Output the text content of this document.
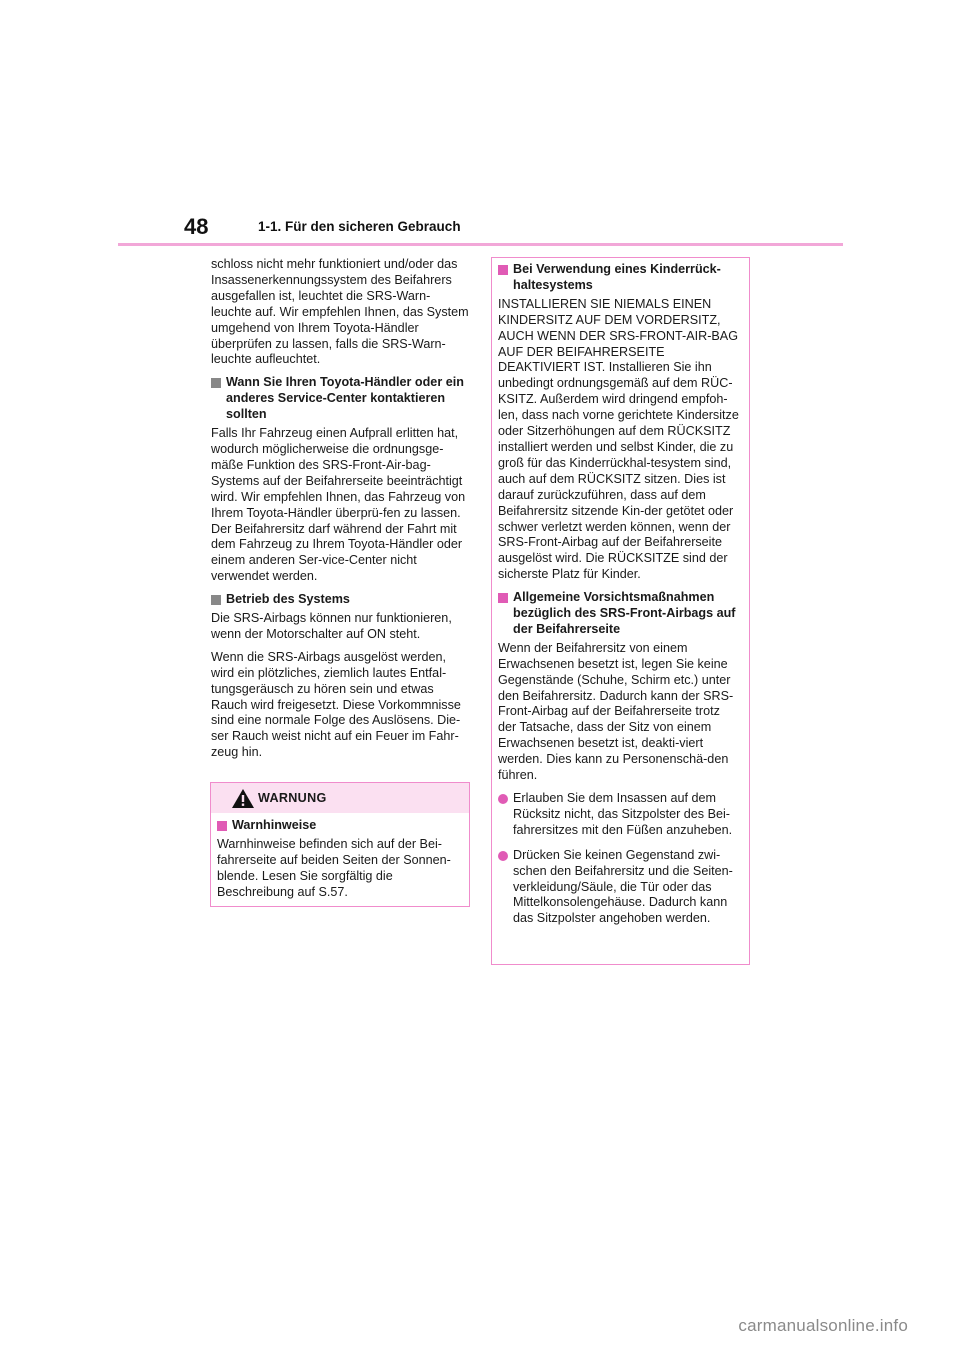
48	1-1. Für den sicheren Gebrauch

schloss nicht mehr funktioniert und/oder das Insassenerkennungssystem des Beifahrers ausgefallen ist, leuchtet die SRS-Warn-leuchte auf. Wir empfehlen Ihnen, das System umgehend von Ihrem Toyota-Händler überprüfen zu lassen, falls die SRS-Warn-leuchte aufleuchtet.

Wann Sie Ihren Toyota-Händler oder ein anderes Service-Center kontaktieren sollten

Falls Ihr Fahrzeug einen Aufprall erlitten hat, wodurch möglicherweise die ordnungsge-mäße Funktion des SRS-Front-Air-bag-Systems auf der Beifahrerseite beeinträchtigt wird. Wir empfehlen Ihnen, das Fahrzeug von Ihrem Toyota-Händler überprü-fen zu lassen. Der Beifahrersitz darf während der Fahrt mit dem Fahrzeug zu Ihrem Toyota-Händler oder einem anderen Ser-vice-Center nicht verwendet werden.

Betrieb des Systems

Die SRS-Airbags können nur funktionieren, wenn der Motorschalter auf ON steht.

Wenn die SRS-Airbags ausgelöst werden, wird ein plötzliches, ziemlich lautes Entfal-tungsgeräusch zu hören sein und etwas Rauch wird freigesetzt. Diese Vorkommnisse sind eine normale Folge des Auslösens. Die-ser Rauch weist nicht auf ein Feuer im Fahr-zeug hin.

WARNUNG
Warnhinweise

Warnhinweise befinden sich auf der Bei-fahrerseite auf beiden Seiten der Sonnen-blende. Lesen Sie sorgfältig die Beschreibung auf S.57.

Bei Verwendung eines Kinderrück-haltesystems

INSTALLIEREN SIE NIEMALS EINEN KINDERSITZ AUF DEM VORDERSITZ, AUCH WENN DER SRS-FRONT-AIR-BAG AUF DER BEIFAHRERSEITE DEAKTIVIERT IST. Installieren Sie ihn unbedingt ordnungsgemäß auf dem RÜC-KSITZ. Außerdem wird dringend empfoh-len, dass nach vorne gerichtete Kindersitze oder Sitzerhöhungen auf dem RÜCKSITZ installiert werden und selbst Kinder, die zu groß für das Kinderrückhal-tesystem sind, auch auf dem RÜCKSITZ sitzen. Dies ist darauf zurückzuführen, dass auf dem Beifahrersitz sitzende Kin-der getötet oder schwer verletzt werden können, wenn der SRS-Front-Airbag auf der Beifahrerseite ausgelöst wird. Die RÜCKSITZE sind der sicherste Platz für Kinder.

Allgemeine Vorsichtsmaßnahmen bezüglich des SRS-Front-Airbags auf der Beifahrerseite

Wenn der Beifahrersitz von einem Erwachsenen besetzt ist, legen Sie keine Gegenstände (Schuhe, Schirm etc.) unter den Beifahrersitz. Dadurch kann der SRS-Front-Airbag auf der Beifahrerseite trotz der Tatsache, dass der Sitz von einem Erwachsenen besetzt ist, deakti-viert werden. Dies kann zu Personenschä-den führen.

Erlauben Sie dem Insassen auf dem Rücksitz nicht, das Sitzpolster des Bei-fahrersitzes mit den Füßen anzuheben.
Drücken Sie keinen Gegenstand zwi-schen den Beifahrersitz und die Seiten-verkleidung/Säule, die Tür oder das Mittelkonsolengehäuse. Dadurch kann das Sitzpolster angehoben werden.
carmanualsonline.info
